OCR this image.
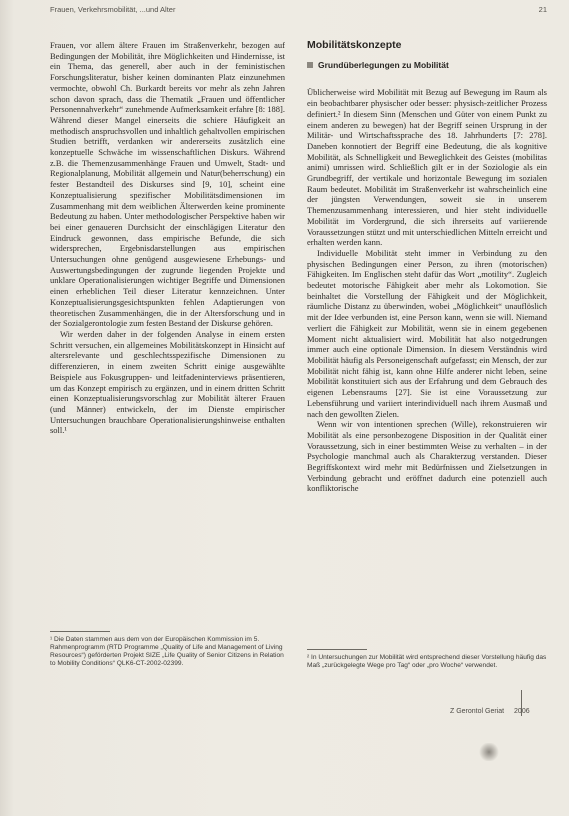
Frauen, Verkehrsmobilität, ...und Alter	21

Frauen, vor allem ältere Frauen im Straßenverkehr, bezogen auf Bedingungen der Mobilität, ihre Möglichkeiten und Hindernisse, ist ein Thema, das generell, aber auch in der feministischen Forschungsliteratur, bisher keinen dominanten Platz einzunehmen vermochte, obwohl Ch. Burkardt bereits vor mehr als zehn Jahren schon davon sprach, dass die Thematik „Frauen und öffentlicher Personennahverkehr“ zunehmende Aufmerksamkeit erfahre [8: 188]. Während dieser Mangel einerseits die schiere Häufigkeit an methodisch anspruchsvollen und inhaltlich gehaltvollen empirischen Studien betrifft, verdanken wir andererseits zusätzlich eine konzeptuelle Schwäche im wissenschaftlichen Diskurs. Während z.B. die Themenzusammenhänge Frauen und Umwelt, Stadt- und Regionalplanung, Mobilität allgemein und Natur(beherrschung) ein fester Bestandteil des Diskurses sind [9, 10], scheint eine Konzeptualisierung spezifischer Mobilitätsdimensionen im Zusammenhang mit dem weiblichen Älterwerden keine prominente Bedeutung zu haben. Unter methodologischer Perspektive haben wir bei einer genaueren Durchsicht der einschlägigen Literatur den Eindruck gewonnen, dass empirische Befunde, die sich widersprechen, Ergebnisdarstellungen aus empirischen Untersuchungen ohne genügend ausgewiesene Erhebungs- und Auswertungsbedingungen der zugrunde liegenden Projekte und unklare Operationalisierungen wichtiger Begriffe und Dimensionen einen erheblichen Teil dieser Literatur kennzeichnen. Unter Konzeptualisierungsgesichtspunkten fehlen Adaptierungen von theoretischen Zusammenhängen, die in der Altersforschung und in der Sozialgerontologie zum festen Bestand der Diskurse gehören.

Wir werden daher in der folgenden Analyse in einem ersten Schritt versuchen, ein allgemeines Mobilitätskonzept in Hinsicht auf altersrelevante und geschlechtsspezifische Dimensionen zu differenzieren, in einem zweiten Schritt einige ausgewählte Beispiele aus Fokusgruppen- und leitfadeninterviews präsentieren, um das Konzept empirisch zu ergänzen, und in einem dritten Schritt einen Konzeptualisierungsvorschlag zur Mobilität älterer Frauen (und Männer) entwickeln, der im Dienste empirischer Untersuchungen brauchbare Operationalisierungshinweise enthalten soll.¹

Mobilitätskonzepte
Grundüberlegungen zu Mobilität

Üblicherweise wird Mobilität mit Bezug auf Bewegung im Raum als ein beobachtbarer physischer oder besser: physisch-zeitlicher Prozess definiert.² In diesem Sinn (Menschen und Güter von einem Punkt zu einem anderen zu bewegen) hat der Begriff seinen Ursprung in der Militär- und Wirtschaftssprache des 18. Jahrhunderts [7: 278]. Daneben konnotiert der Begriff eine Bedeutung, die als kognitive Mobilität, als Schnelligkeit und Beweglichkeit des Geistes (mobilitas animi) umrissen wird. Schließlich gilt er in der Soziologie als ein Grundbegriff, der vertikale und horizontale Bewegung im sozialen Raum bedeutet. Mobilität im Straßenverkehr ist wahrscheinlich eine der jüngsten Verwendungen, soweit sie in unserem Themenzusammenhang interessieren, und hier steht individuelle Mobilität im Vordergrund, die sich ihrerseits auf variierende Voraussetzungen stützt und mit unterschiedlichen Mitteln erreicht und erhalten werden kann.

Individuelle Mobilität steht immer in Verbindung zu den physischen Bedingungen einer Person, zu ihren (motorischen) Fähigkeiten. Im Englischen steht dafür das Wort „motility“. Zugleich bedeutet motorische Fähigkeit aber mehr als Lokomotion. Sie beinhaltet die Vorstellung der Fähigkeit und der Möglichkeit, räumliche Distanz zu überwinden, wobei „Möglichkeit“ unauflöslich mit der Idee verbunden ist, eine Person kann, wenn sie will. Niemand verliert die Fähigkeit zur Mobilität, wenn sie in einem gegebenen Moment nicht aktualisiert wird. Mobilität hat also notgedrungen immer auch eine optionale Dimension. In diesem Verständnis wird Mobilität häufig als Personeigenschaft aufgefasst; ein Mensch, der zur Mobilität nicht fähig ist, kann ohne Hilfe anderer nicht leben, seine Mobilität konstituiert sich aus der Erfahrung und dem Gebrauch des eigenen Lebensraums [27]. Sie ist eine Voraussetzung zur Lebensführung und variiert interindividuell nach ihrem Ausmaß und nach den gewollten Zielen.

Wenn wir von intentionen sprechen (Wille), rekonstruieren wir Mobilität als eine personbezogene Disposition in der Qualität einer Voraussetzung, sich in einer bestimmten Weise zu verhalten – in der Psychologie manchmal auch als Charakterzug verstanden. Dieser Begriffskontext wird mehr mit Bedürfnissen und Zielsetzungen in Verbindung gebracht und eröffnet dadurch eine potenziell auch konfliktorische

¹ Die Daten stammen aus dem von der Europäischen Kommission im 5. Rahmenprogramm (RTD Programme „Quality of Life and Management of Living Resources“) geförderten Projekt SIZE „Life Quality of Senior Citizens in Relation to Mobility Conditions“ QLK6-CT-2002-02399.
² In Untersuchungen zur Mobilität wird entsprechend dieser Vorstellung häufig das Maß „zurückgelegte Wege pro Tag“ oder „pro Woche“ verwendet.
Z Gerontol Geriat 2006
